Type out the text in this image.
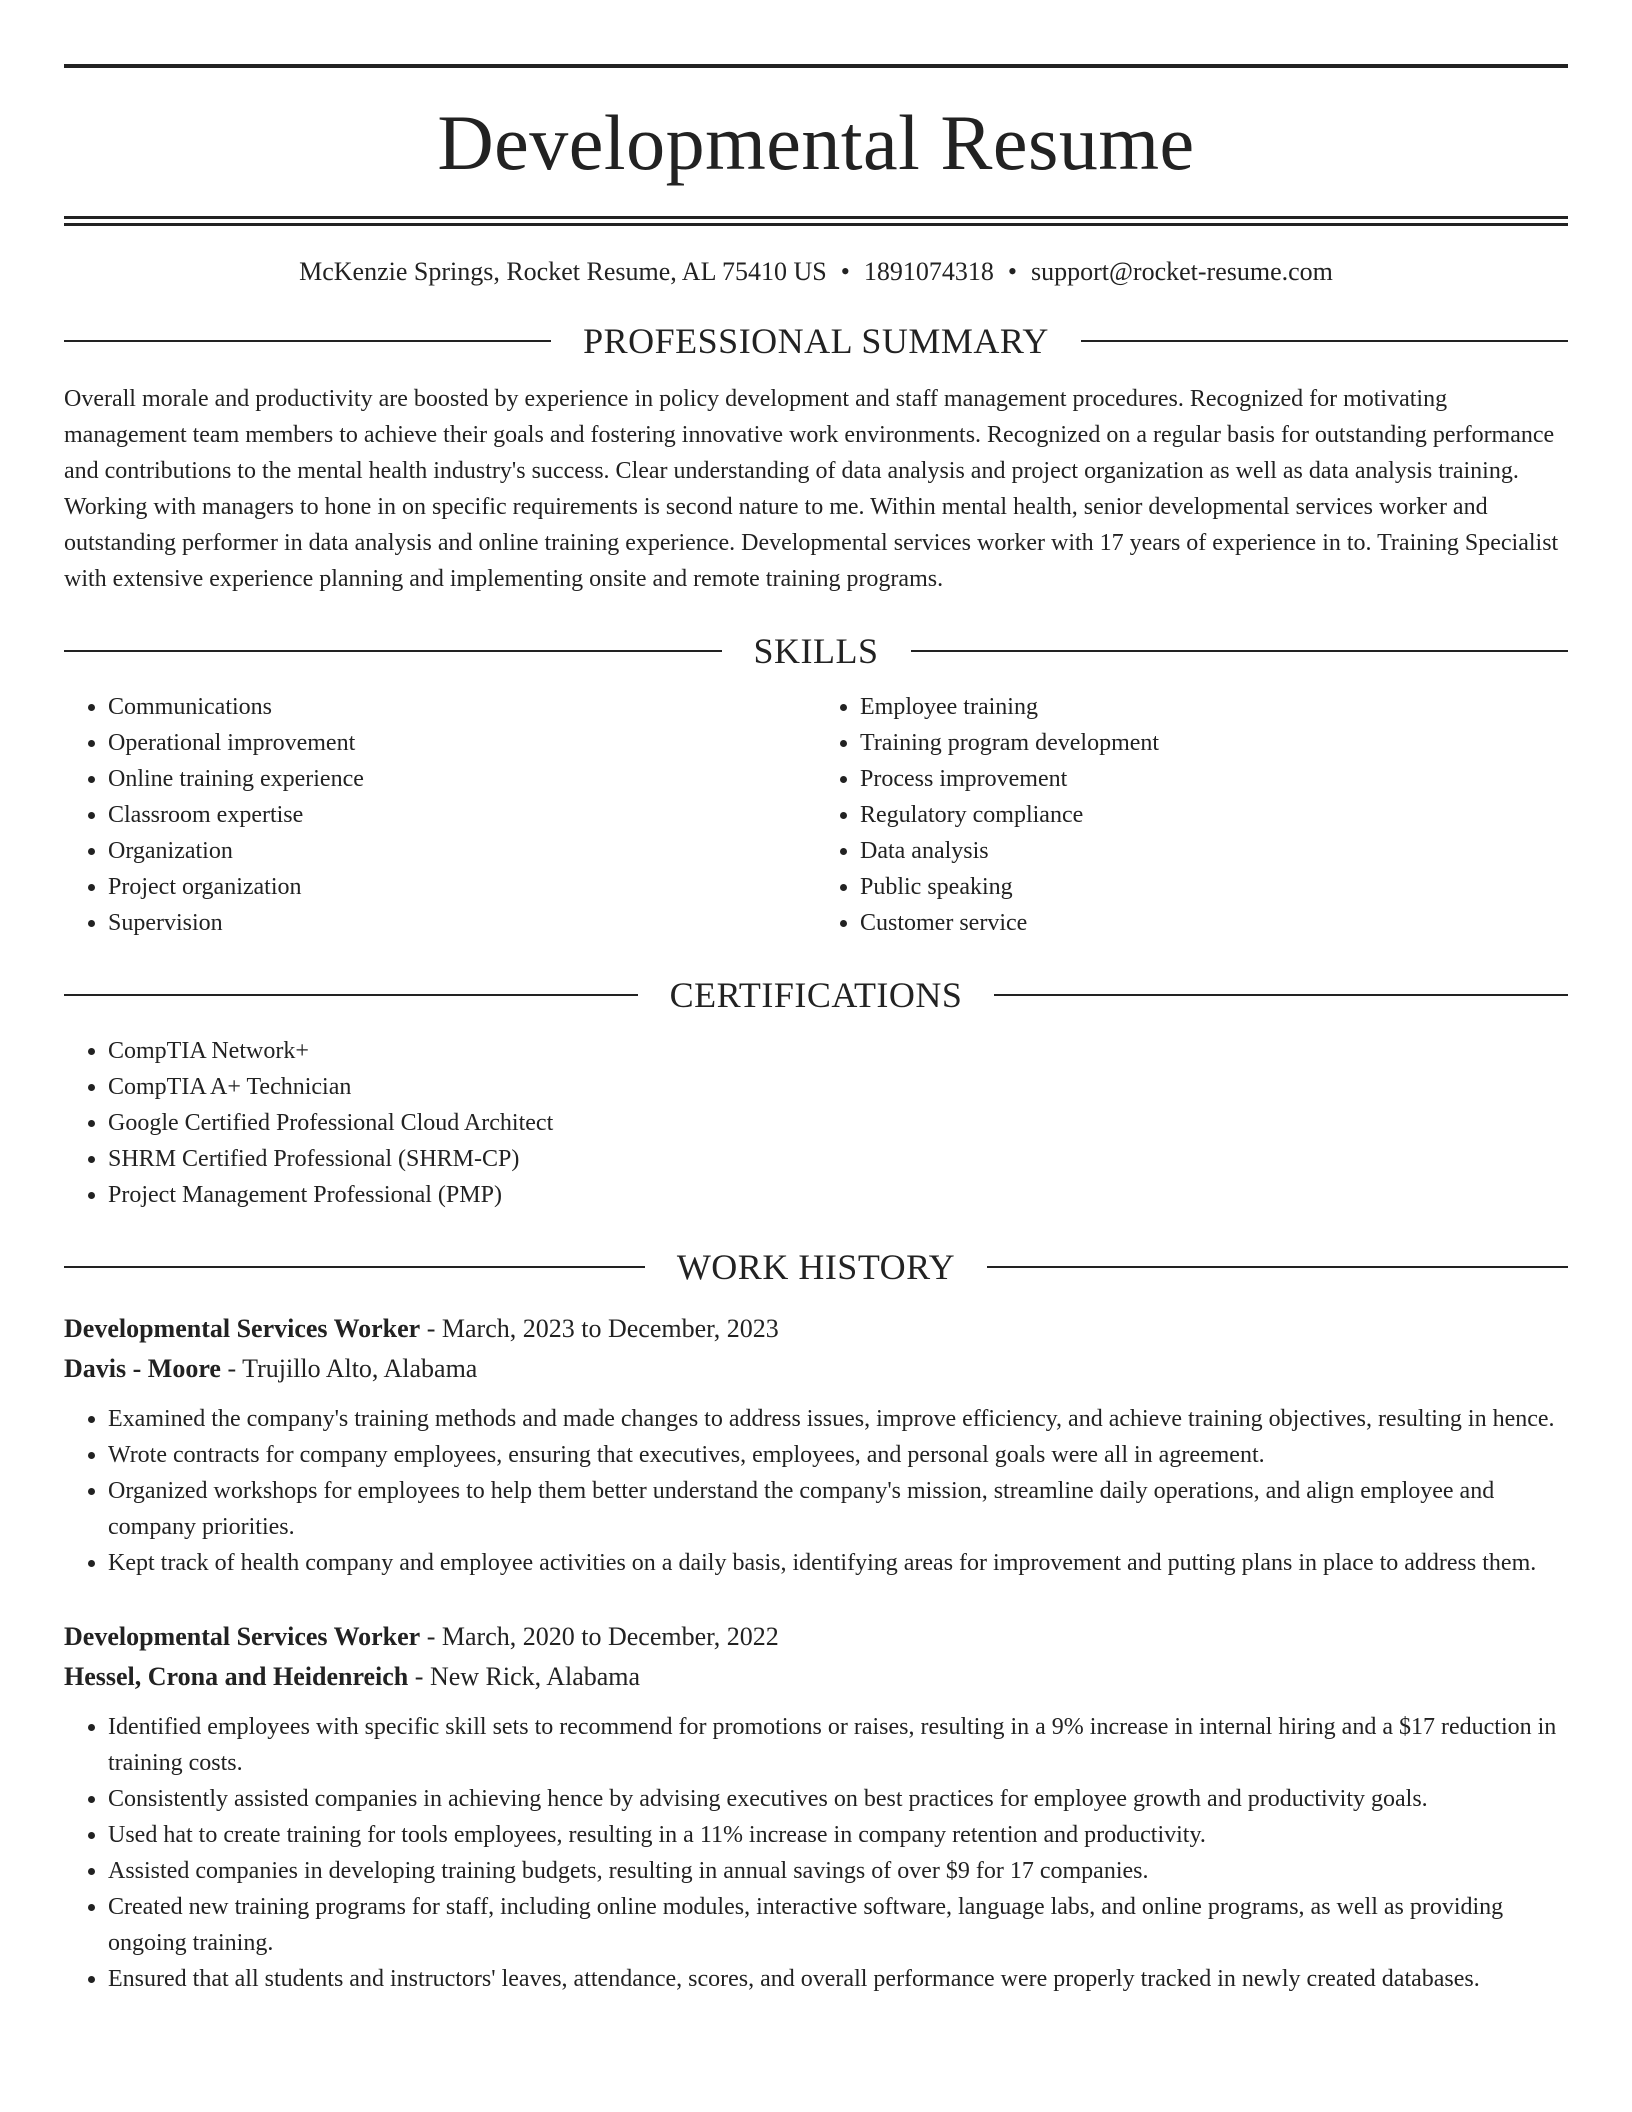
Developmental Resume
McKenzie Springs, Rocket Resume, AL 75410 US • 1891074318 • support@rocket-resume.com
PROFESSIONAL SUMMARY
Overall morale and productivity are boosted by experience in policy development and staff management procedures. Recognized for motivating management team members to achieve their goals and fostering innovative work environments. Recognized on a regular basis for outstanding performance and contributions to the mental health industry's success. Clear understanding of data analysis and project organization as well as data analysis training. Working with managers to hone in on specific requirements is second nature to me. Within mental health, senior developmental services worker and outstanding performer in data analysis and online training experience. Developmental services worker with 17 years of experience in to. Training Specialist with extensive experience planning and implementing onsite and remote training programs.
SKILLS
• Communications
• Operational improvement
• Online training experience
• Classroom expertise
• Organization
• Project organization
• Supervision
• Employee training
• Training program development
• Process improvement
• Regulatory compliance
• Data analysis
• Public speaking
• Customer service
CERTIFICATIONS
• CompTIA Network+
• CompTIA A+ Technician
• Google Certified Professional Cloud Architect
• SHRM Certified Professional (SHRM-CP)
• Project Management Professional (PMP)
WORK HISTORY
Developmental Services Worker - March, 2023 to December, 2023
Davis - Moore - Trujillo Alto, Alabama
• Examined the company's training methods and made changes to address issues, improve efficiency, and achieve training objectives, resulting in hence.
• Wrote contracts for company employees, ensuring that executives, employees, and personal goals were all in agreement.
• Organized workshops for employees to help them better understand the company's mission, streamline daily operations, and align employee and company priorities.
• Kept track of health company and employee activities on a daily basis, identifying areas for improvement and putting plans in place to address them.
Developmental Services Worker - March, 2020 to December, 2022
Hessel, Crona and Heidenreich - New Rick, Alabama
• Identified employees with specific skill sets to recommend for promotions or raises, resulting in a 9% increase in internal hiring and a $17 reduction in training costs.
• Consistently assisted companies in achieving hence by advising executives on best practices for employee growth and productivity goals.
• Used hat to create training for tools employees, resulting in a 11% increase in company retention and productivity.
• Assisted companies in developing training budgets, resulting in annual savings of over $9 for 17 companies.
• Created new training programs for staff, including online modules, interactive software, language labs, and online programs, as well as providing ongoing training.
• Ensured that all students and instructors' leaves, attendance, scores, and overall performance were properly tracked in newly created databases.
